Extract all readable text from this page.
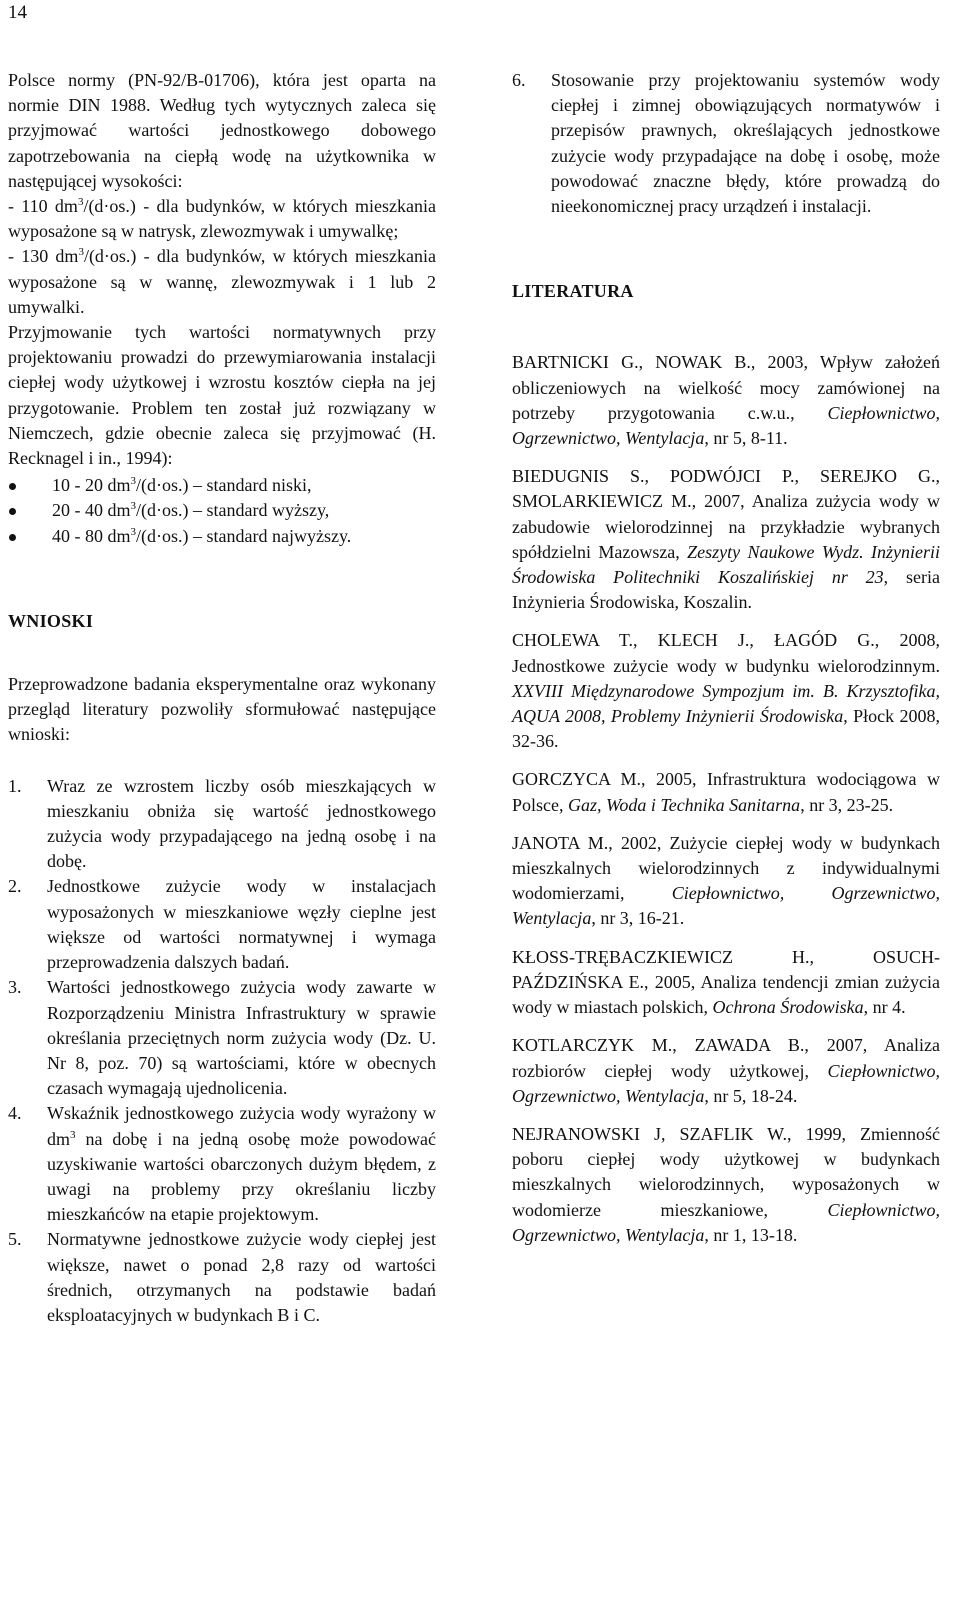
14

Polsce normy (PN-92/B-01706), która jest oparta na normie DIN 1988. Według tych wytycznych zaleca się przyjmować wartości jednostkowego dobowego zapotrzebowania na ciepłą wodę na użytkownika w następującej wysokości:
- 110 $dm^3/(d\cdot os.)$ - dla budynków, w których mieszkania wyposażone są w natrysk, zlewozmywak i umywalkę;
- 130 $dm^3/(d\cdot os.)$ - dla budynków, w których mieszkania wyposażone są w wannę, zlewozmywak i 1 lub 2 umywalki.

Przyjmowanie tych wartości normatywnych przy projektowaniu prowadzi do przewymiarowania instalacji ciepłej wody użytkowej i wzrostu kosztów ciepła na jej przygotowanie. Problem ten został już rozwiązany w Niemczech, gdzie obecnie zaleca się przyjmować (H. Recknagel i in., 1994):

10 - 20 $dm^3/(d\cdot os.)$ – standard niski,
20 - 40 $dm^3/(d\cdot os.)$ – standard wyższy,
40 - 80 $dm^3/(d\cdot os.)$ – standard najwyższy.
WNIOSKI

Przeprowadzone badania eksperymentalne oraz wykonany przegląd literatury pozwoliły sformułować następujące wnioski:

1. Wraz ze wzrostem liczby osób mieszkających w mieszkaniu obniża się wartość jednostkowego zużycia wody przypadającego na jedną osobę i na dobę.

2. Jednostkowe zużycie wody w instalacjach wyposażonych w mieszkaniowe węzły cieplne jest większe od wartości normatywnej i wymaga przeprowadzenia dalszych badań.

3. Wartości jednostkowego zużycia wody zawarte w Rozporządzeniu Ministra Infrastruktury w sprawie określania przeciętnych norm zużycia wody (Dz. U. Nr 8, poz. 70) są wartościami, które w obecnych czasach wymagają ujednolicenia.

4. Wskaźnik jednostkowego zużycia wody wyrażony w $dm^3$ na dobę i na jedną osobę może powodować uzyskiwanie wartości obarczonych dużym błędem, z uwagi na problemy przy określaniu liczby mieszkańców na etapie projektowym.

5. Normatywne jednostkowe zużycie wody ciepłej jest większe, nawet o ponad 2,8 razy od wartości średnich, otrzymanych na podstawie badań eksploatacyjnych w budynkach B i C.

6. Stosowanie przy projektowaniu systemów wody ciepłej i zimnej obowiązujących normatywów i przepisów prawnych, określających jednostkowe zużycie wody przypadające na dobę i osobę, może powodować znaczne błędy, które prowadzą do nieekonomicznej pracy urządzeń i instalacji.

LITERATURA

BARTNICKI G., NOWAK B., 2003, Wpływ założeń obliczeniowych na wielkość mocy zamówionej na potrzeby przygotowania c.w.u., Ciepłownictwo, Ogrzewnictwo, Wentylacja, nr 5, 8-11.

BIEDUGNIS S., PODWÓJCI P., SEREJKO G., SMOLARKIEWICZ M., 2007, Analiza zużycia wody w zabudowie wielorodzinnej na przykładzie wybranych spółdzielni Mazowsza, Zeszyty Naukowe Wydz. Inżynierii Środowiska Politechniki Koszalińskiej nr 23, seria Inżynieria Środowiska, Koszalin.

CHOLEWA T., KLECH J., ŁAGÓD G., 2008, Jednostkowe zużycie wody w budynku wielorodzinnym. XXVIII Międzynarodowe Sympozjum im. B. Krzysztofika, AQUA 2008, Problemy Inżynierii Środowiska, Płock 2008, 32-36.

GORCZYCA M., 2005, Infrastruktura wodociągowa w Polsce, Gaz, Woda i Technika Sanitarna, nr 3, 23-25.

JANOTA M., 2002, Zużycie ciepłej wody w budynkach mieszkalnych wielorodzinnych z indywidualnymi wodomierzami, Ciepłownictwo, Ogrzewnictwo, Wentylacja, nr 3, 16-21.

KŁOSS-TRĘBACZKIEWICZ H., OSUCH-PAŹDZIŃSKA E., 2005, Analiza tendencji zmian zużycia wody w miastach polskich, Ochrona Środowiska, nr 4.

KOTLARCZYK M., ZAWADA B., 2007, Analiza rozbiorów ciepłej wody użytkowej, Ciepłownictwo, Ogrzewnictwo, Wentylacja, nr 5, 18-24.

NEJRANOWSKI J, SZAFLIK W., 1999, Zmienność poboru ciepłej wody użytkowej w budynkach mieszkalnych wielorodzinnych, wyposażonych w wodomierze mieszkaniowe, Ciepłownictwo, Ogrzewnictwo, Wentylacja, nr 1, 13-18.
